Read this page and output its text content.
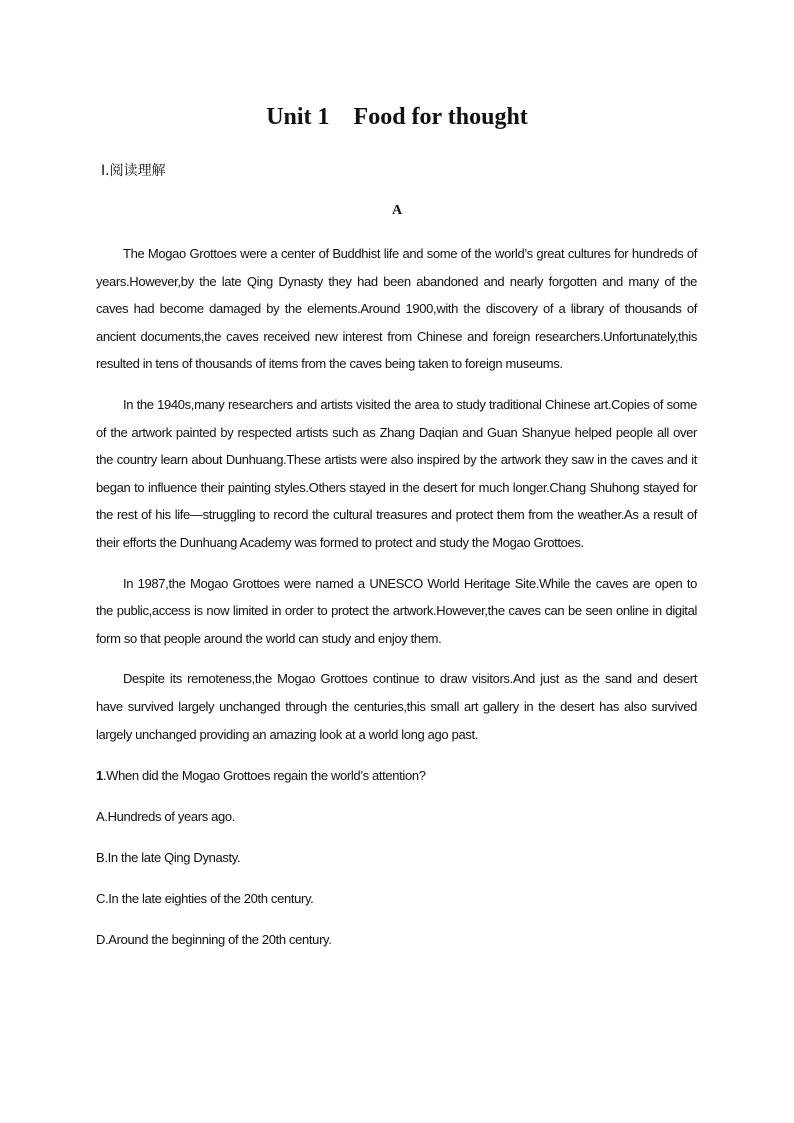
Unit 1 Food for thought

Ⅰ.阅读理解

A

The Mogao Grottoes were a center of Buddhist life and some of the world’s great cultures for hundreds of years.However,by the late Qing Dynasty they had been abandoned and nearly forgotten and many of the caves had become damaged by the elements.Around 1900,with the discovery of a library of thousands of ancient documents,the caves received new interest from Chinese and foreign researchers.Unfortunately,this resulted in tens of thousands of items from the caves being taken to foreign museums.

In the 1940s,many researchers and artists visited the area to study traditional Chinese art.Copies of some of the artwork painted by respected artists such as Zhang Daqian and Guan Shanyue helped people all over the country learn about Dunhuang.These artists were also inspired by the artwork they saw in the caves and it began to influence their painting styles.Others stayed in the desert for much longer.Chang Shuhong stayed for the rest of his life—struggling to record the cultural treasures and protect them from the weather.As a result of their efforts the Dunhuang Academy was formed to protect and study the Mogao Grottoes.

In 1987,the Mogao Grottoes were named a UNESCO World Heritage Site.While the caves are open to the public,access is now limited in order to protect the artwork.However,the caves can be seen online in digital form so that people around the world can study and enjoy them.

Despite its remoteness,the Mogao Grottoes continue to draw visitors.And just as the sand and desert have survived largely unchanged through the centuries,this small art gallery in the desert has also survived largely unchanged providing an amazing look at a world long ago past.

1.When did the Mogao Grottoes regain the world’s attention?

A.Hundreds of years ago.

B.In the late Qing Dynasty.

C.In the late eighties of the 20th century.

D.Around the beginning of the 20th century.
